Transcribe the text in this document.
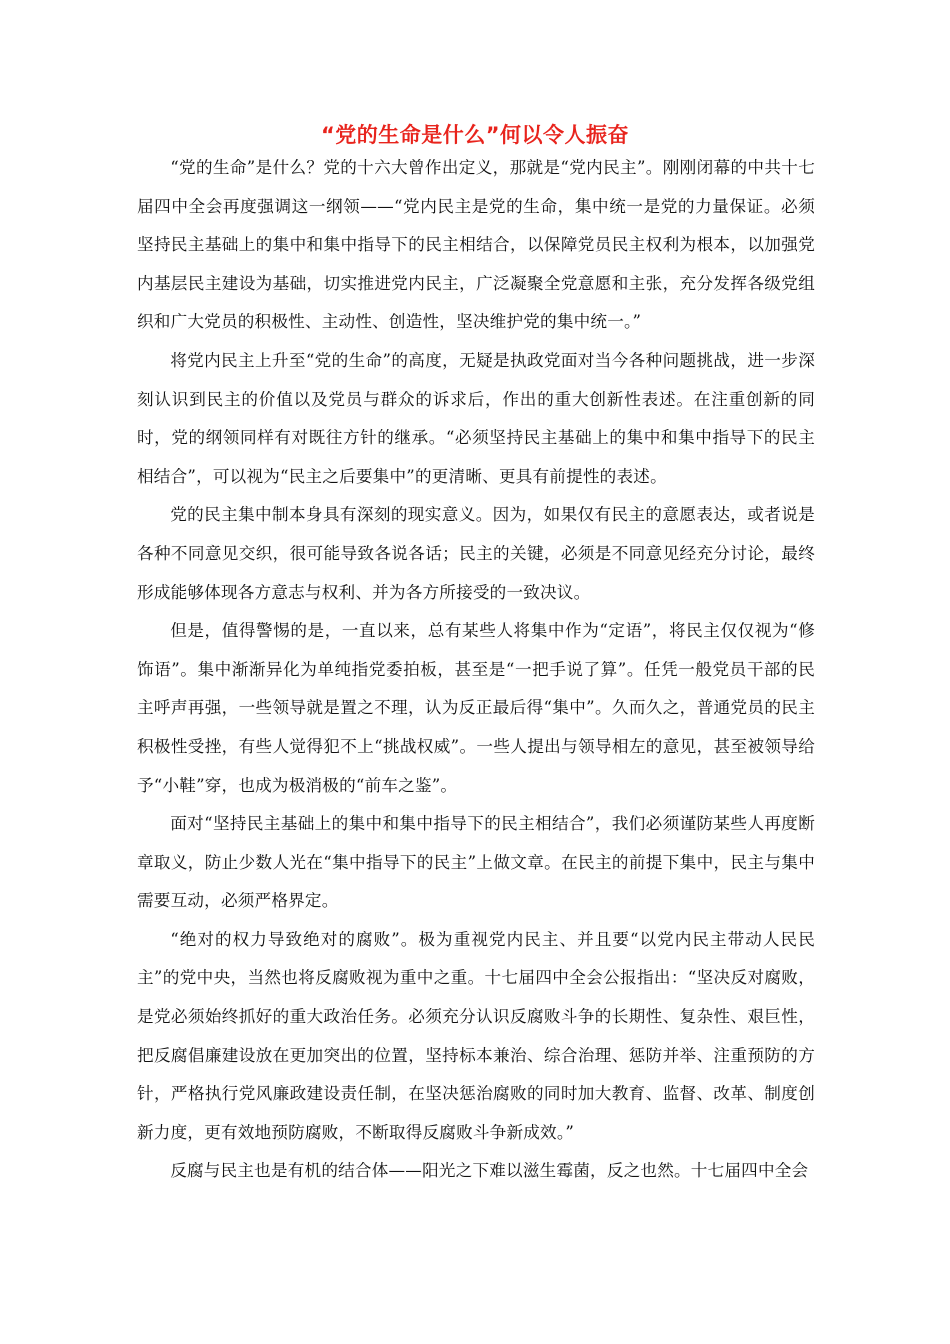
“党的生命是什么”何以令人振奋

“党的生命”是什么？党的十六大曾作出定义，那就是“党内民主”。刚刚闭幕的中共十七届四中全会再度强调这一纲领——“党内民主是党的生命，集中统一是党的力量保证。必须坚持民主基础上的集中和集中指导下的民主相结合，以保障党员民主权利为根本，以加强党内基层民主建设为基础，切实推进党内民主，广泛凝聚全党意愿和主张，充分发挥各级党组织和广大党员的积极性、主动性、创造性，坚决维护党的集中统一。”

将党内民主上升至“党的生命”的高度，无疑是执政党面对当今各种问题挑战，进一步深刻认识到民主的价值以及党员与群众的诉求后，作出的重大创新性表述。在注重创新的同时，党的纲领同样有对既往方针的继承。“必须坚持民主基础上的集中和集中指导下的民主相结合”，可以视为“民主之后要集中”的更清晰、更具有前提性的表述。

党的民主集中制本身具有深刻的现实意义。因为，如果仅有民主的意愿表达，或者说是各种不同意见交织，很可能导致各说各话；民主的关键，必须是不同意见经充分讨论，最终形成能够体现各方意志与权利、并为各方所接受的一致决议。

但是，值得警惕的是，一直以来，总有某些人将集中作为“定语”，将民主仅仅视为“修饰语”。集中渐渐异化为单纯指党委拍板，甚至是“一把手说了算”。任凭一般党员干部的民主呼声再强，一些领导就是置之不理，认为反正最后得“集中”。久而久之，普通党员的民主积极性受挫，有些人觉得犯不上“挑战权威”。一些人提出与领导相左的意见，甚至被领导给予“小鞋”穿，也成为极消极的“前车之鉴”。

面对“坚持民主基础上的集中和集中指导下的民主相结合”，我们必须谨防某些人再度断章取义，防止少数人光在“集中指导下的民主”上做文章。在民主的前提下集中，民主与集中需要互动，必须严格界定。

“绝对的权力导致绝对的腐败”。极为重视党内民主、并且要“以党内民主带动人民民主”的党中央，当然也将反腐败视为重中之重。十七届四中全会公报指出：“坚决反对腐败，是党必须始终抓好的重大政治任务。必须充分认识反腐败斗争的长期性、复杂性、艰巨性，把反腐倡廉建设放在更加突出的位置，坚持标本兼治、综合治理、惩防并举、注重预防的方针，严格执行党风廉政建设责任制，在坚决惩治腐败的同时加大教育、监督、改革、制度创新力度，更有效地预防腐败，不断取得反腐败斗争新成效。”

反腐与民主也是有机的结合体——阳光之下难以滋生霉菌，反之也然。十七届四中全会
